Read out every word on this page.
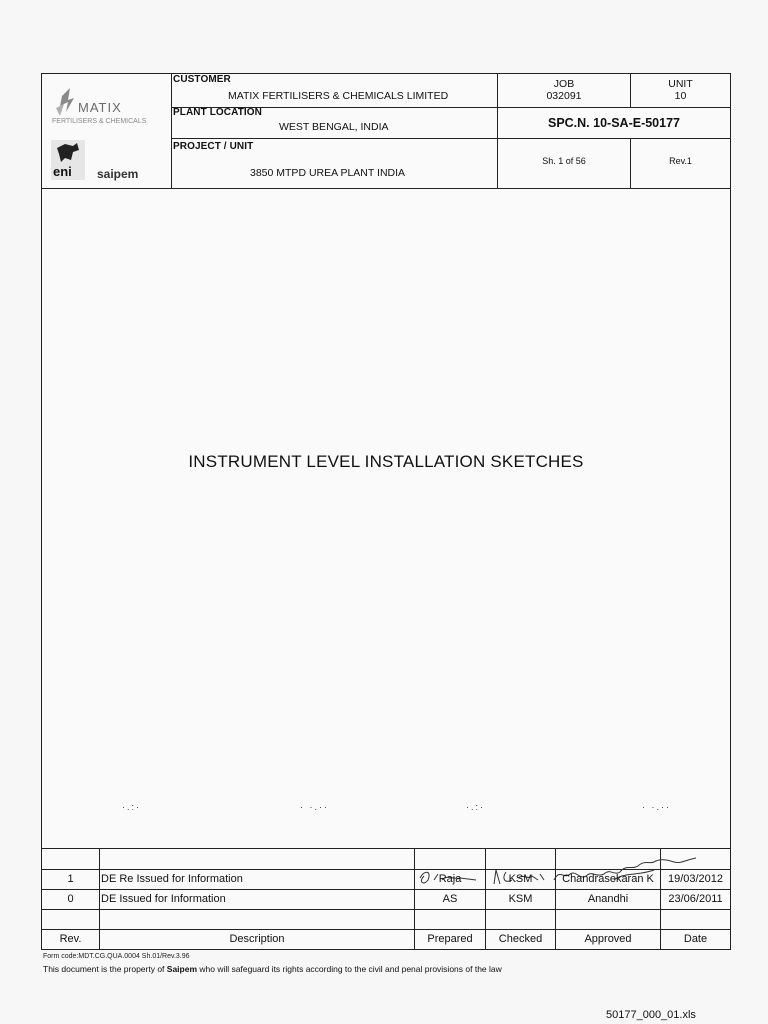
MATIX
FERTILISERS & CHEMICALS
eni saipem
CUSTOMER
MATIX FERTILISERS & CHEMICALS LIMITED
PLANT LOCATION
WEST BENGAL, INDIA
PROJECT / UNIT
3850 MTPD UREA PLANT INDIA
JOB
032091
UNIT
10
SPC.N. 10-SA-E-50177
Sh. 1 of 56	Rev.1
INSTRUMENT LEVEL INSTALLATION SKETCHES
·.:·	· ·.··	·.:·	· ·.··
1	DE Re Issued for Information	Raja	KSM	Chandrasekaran K	19/03/2012
0	DE Issued for Information	AS	KSM	Anandhi	23/06/2011
Rev.	Description	Prepared	Checked	Approved	Date
Form code:MDT.CG.QUA.0004 Sh.01/Rev.3.96
This document is the property of Saipem who will safeguard its rights according to the civil and penal provisions of the law
50177_000_01.xls
